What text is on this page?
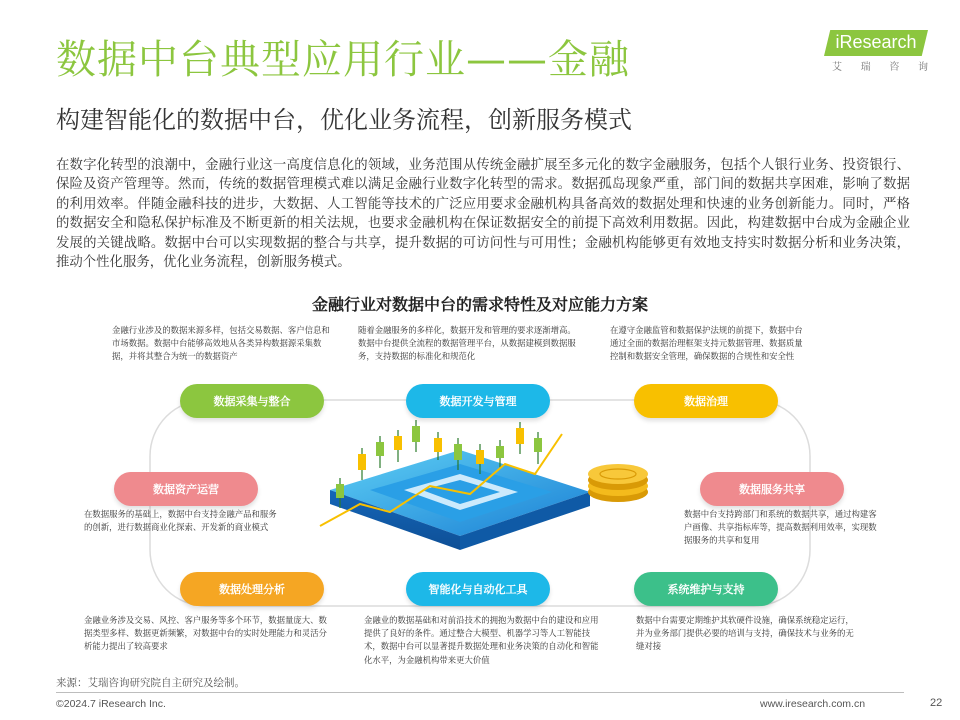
数据中台典型应用行业——金融
构建智能化的数据中台，优化业务流程，创新服务模式
iResearch
艾 瑞 咨 询
在数字化转型的浪潮中，金融行业这一高度信息化的领域，业务范围从传统金融扩展至多元化的数字金融服务，包括个人银行业务、投资银行、保险及资产管理等。然而，传统的数据管理模式难以满足金融行业数字化转型的需求。数据孤岛现象严重，部门间的数据共享困难，影响了数据的利用效率。伴随金融科技的进步，大数据、人工智能等技术的广泛应用要求金融机构具备高效的数据处理和快速的业务创新能力。同时，严格的数据安全和隐私保护标准及不断更新的相关法规，也要求金融机构在保证数据安全的前提下高效利用数据。因此，构建数据中台成为金融企业发展的关键战略。数据中台可以实现数据的整合与共享，提升数据的可访问性与可用性；金融机构能够更有效地支持实时数据分析和业务决策，推动个性化服务，优化业务流程，创新服务模式。
金融行业对数据中台的需求特性及对应能力方案
金融行业涉及的数据来源多样，包括交易数据、客户信息和市场数据。数据中台能够高效地从各类异构数据源采集数据，并将其整合为统一的数据资产
随着金融服务的多样化，数据开发和管理的要求逐渐增高。数据中台提供全流程的数据管理平台，从数据建模到数据服务，支持数据的标准化和规范化
在遵守金融监管和数据保护法规的前提下，数据中台通过全面的数据治理框架支持元数据管理、数据质量控制和数据安全管理，确保数据的合规性和安全性
在数据服务的基础上，数据中台支持金融产品和服务的创新，进行数据商业化探索、开发新的商业模式
数据中台支持跨部门和系统的数据共享，通过构建客户画像、共享指标库等，提高数据利用效率，实现数据服务的共享和复用
金融业务涉及交易、风控、客户服务等多个环节，数据量庞大、数据类型多样、数据更新频繁，对数据中台的实时处理能力和灵活分析能力提出了较高要求
金融业的数据基础和对前沿技术的拥抱为数据中台的建设和应用提供了良好的条件。通过整合大模型、机器学习等人工智能技术，数据中台可以显著提升数据处理和业务决策的自动化和智能化水平，为金融机构带来更大价值
数据中台需要定期维护其软硬件设施，确保系统稳定运行，并为业务部门提供必要的培训与支持，确保技术与业务的无缝对接
数据采集与整合	数据开发与管理	数据治理
数据资产运营	数据服务共享
数据处理分析	智能化与自动化工具	系统维护与支持
来源：艾瑞咨询研究院自主研究及绘制。
©2024.7 iResearch Inc.	www.iresearch.com.cn	22
